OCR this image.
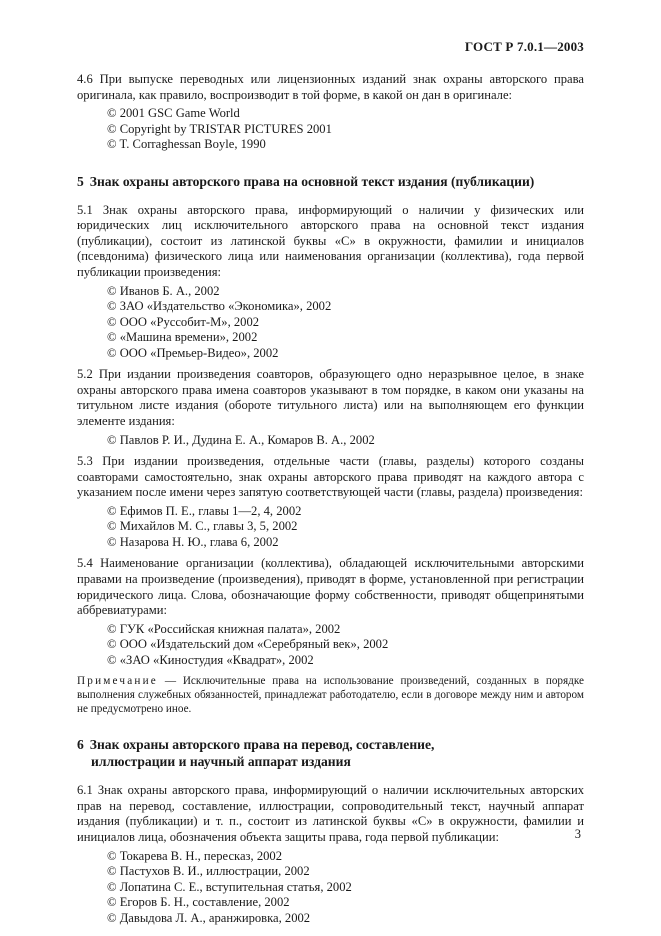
ГОСТ Р 7.0.1—2003

4.6 При выпуске переводных или лицензионных изданий знак охраны авторского права оригинала, как правило, воспроизводит в той форме, в какой он дан в оригинале:

© 2001 GSC Game World
© Copyright by TRISTAR PICTURES 2001
© T. Corraghessan Boyle, 1990
5 Знак охраны авторского права на основной текст издания (публикации)

5.1 Знак охраны авторского права, информирующий о наличии у физических или юридических лиц исключительного авторского права на основной текст издания (публикации), состоит из латинской буквы «С» в окружности, фамилии и инициалов (псевдонима) физического лица или наименования организации (коллектива), года первой публикации произведения:

© Иванов Б. А., 2002
© ЗАО «Издательство «Экономика», 2002
© ООО «Руссобит-М», 2002
© «Машина времени», 2002
© ООО «Премьер-Видео», 2002

5.2 При издании произведения соавторов, образующего одно неразрывное целое, в знаке охраны авторского права имена соавторов указывают в том порядке, в каком они указаны на титульном листе издания (обороте титульного листа) или на выполняющем его функции элементе издания:

© Павлов Р. И., Дудина Е. А., Комаров В. А., 2002

5.3 При издании произведения, отдельные части (главы, разделы) которого созданы соавторами самостоятельно, знак охраны авторского права приводят на каждого автора с указанием после имени через запятую соответствующей части (главы, раздела) произведения:

© Ефимов П. Е., главы 1—2, 4, 2002
© Михайлов М. С., главы 3, 5, 2002
© Назарова Н. Ю., глава 6, 2002

5.4 Наименование организации (коллектива), обладающей исключительными авторскими правами на произведение (произведения), приводят в форме, установленной при регистрации юридического лица. Слова, обозначающие форму собственности, приводят общепринятыми аббревиатурами:

© ГУК «Российская книжная палата», 2002
© ООО «Издательский дом «Серебряный век», 2002
© «ЗАО «Киностудия «Квадрат», 2002

Примечание — Исключительные права на использование произведений, созданных в порядке выполнения служебных обязанностей, принадлежат работодателю, если в договоре между ним и автором не предусмотрено иное.

6 Знак охраны авторского права на перевод, составление,
иллюстрации и научный аппарат издания

6.1 Знак охраны авторского права, информирующий о наличии исключительных авторских прав на перевод, составление, иллюстрации, сопроводительный текст, научный аппарат издания (публикации) и т. п., состоит из латинской буквы «С» в окружности, фамилии и инициалов лица, обозначения объекта защиты права, года первой публикации:

© Токарева В. Н., пересказ, 2002
© Пастухов В. И., иллюстрации, 2002
© Лопатина С. Е., вступительная статья, 2002
© Егоров Б. Н., составление, 2002
© Давыдова Л. А., аранжировка, 2002
3
